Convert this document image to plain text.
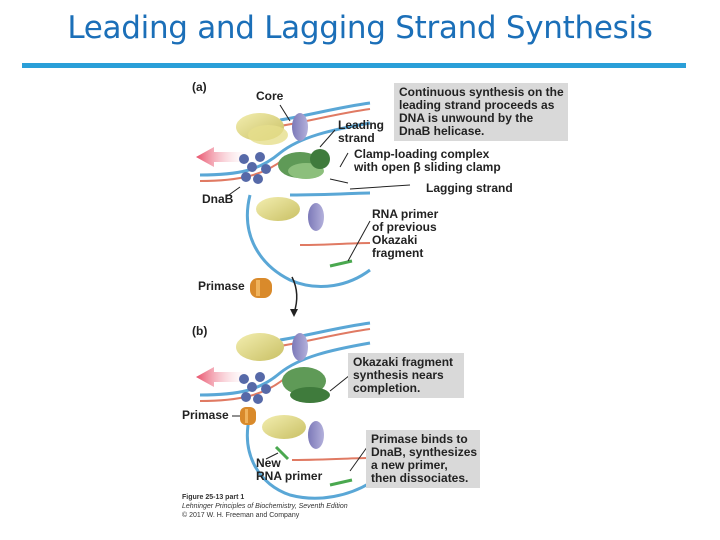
Leading and Lagging Strand Synthesis
(a)
Core
Leading
strand
Clamp-loading complex
with open β sliding clamp
Lagging strand
DnaB
RNA primer
of previous
Okazaki
fragment
Primase
Continuous synthesis on the
leading strand proceeds as
DNA is unwound by the
DnaB helicase.
(b)
Primase
New
RNA primer
Okazaki fragment
synthesis nears
completion.
Primase binds to
DnaB, synthesizes
a new primer,
then dissociates.
Figure 25-13 part 1
Lehninger Principles of Biochemistry, Seventh Edition
© 2017 W. H. Freeman and Company
